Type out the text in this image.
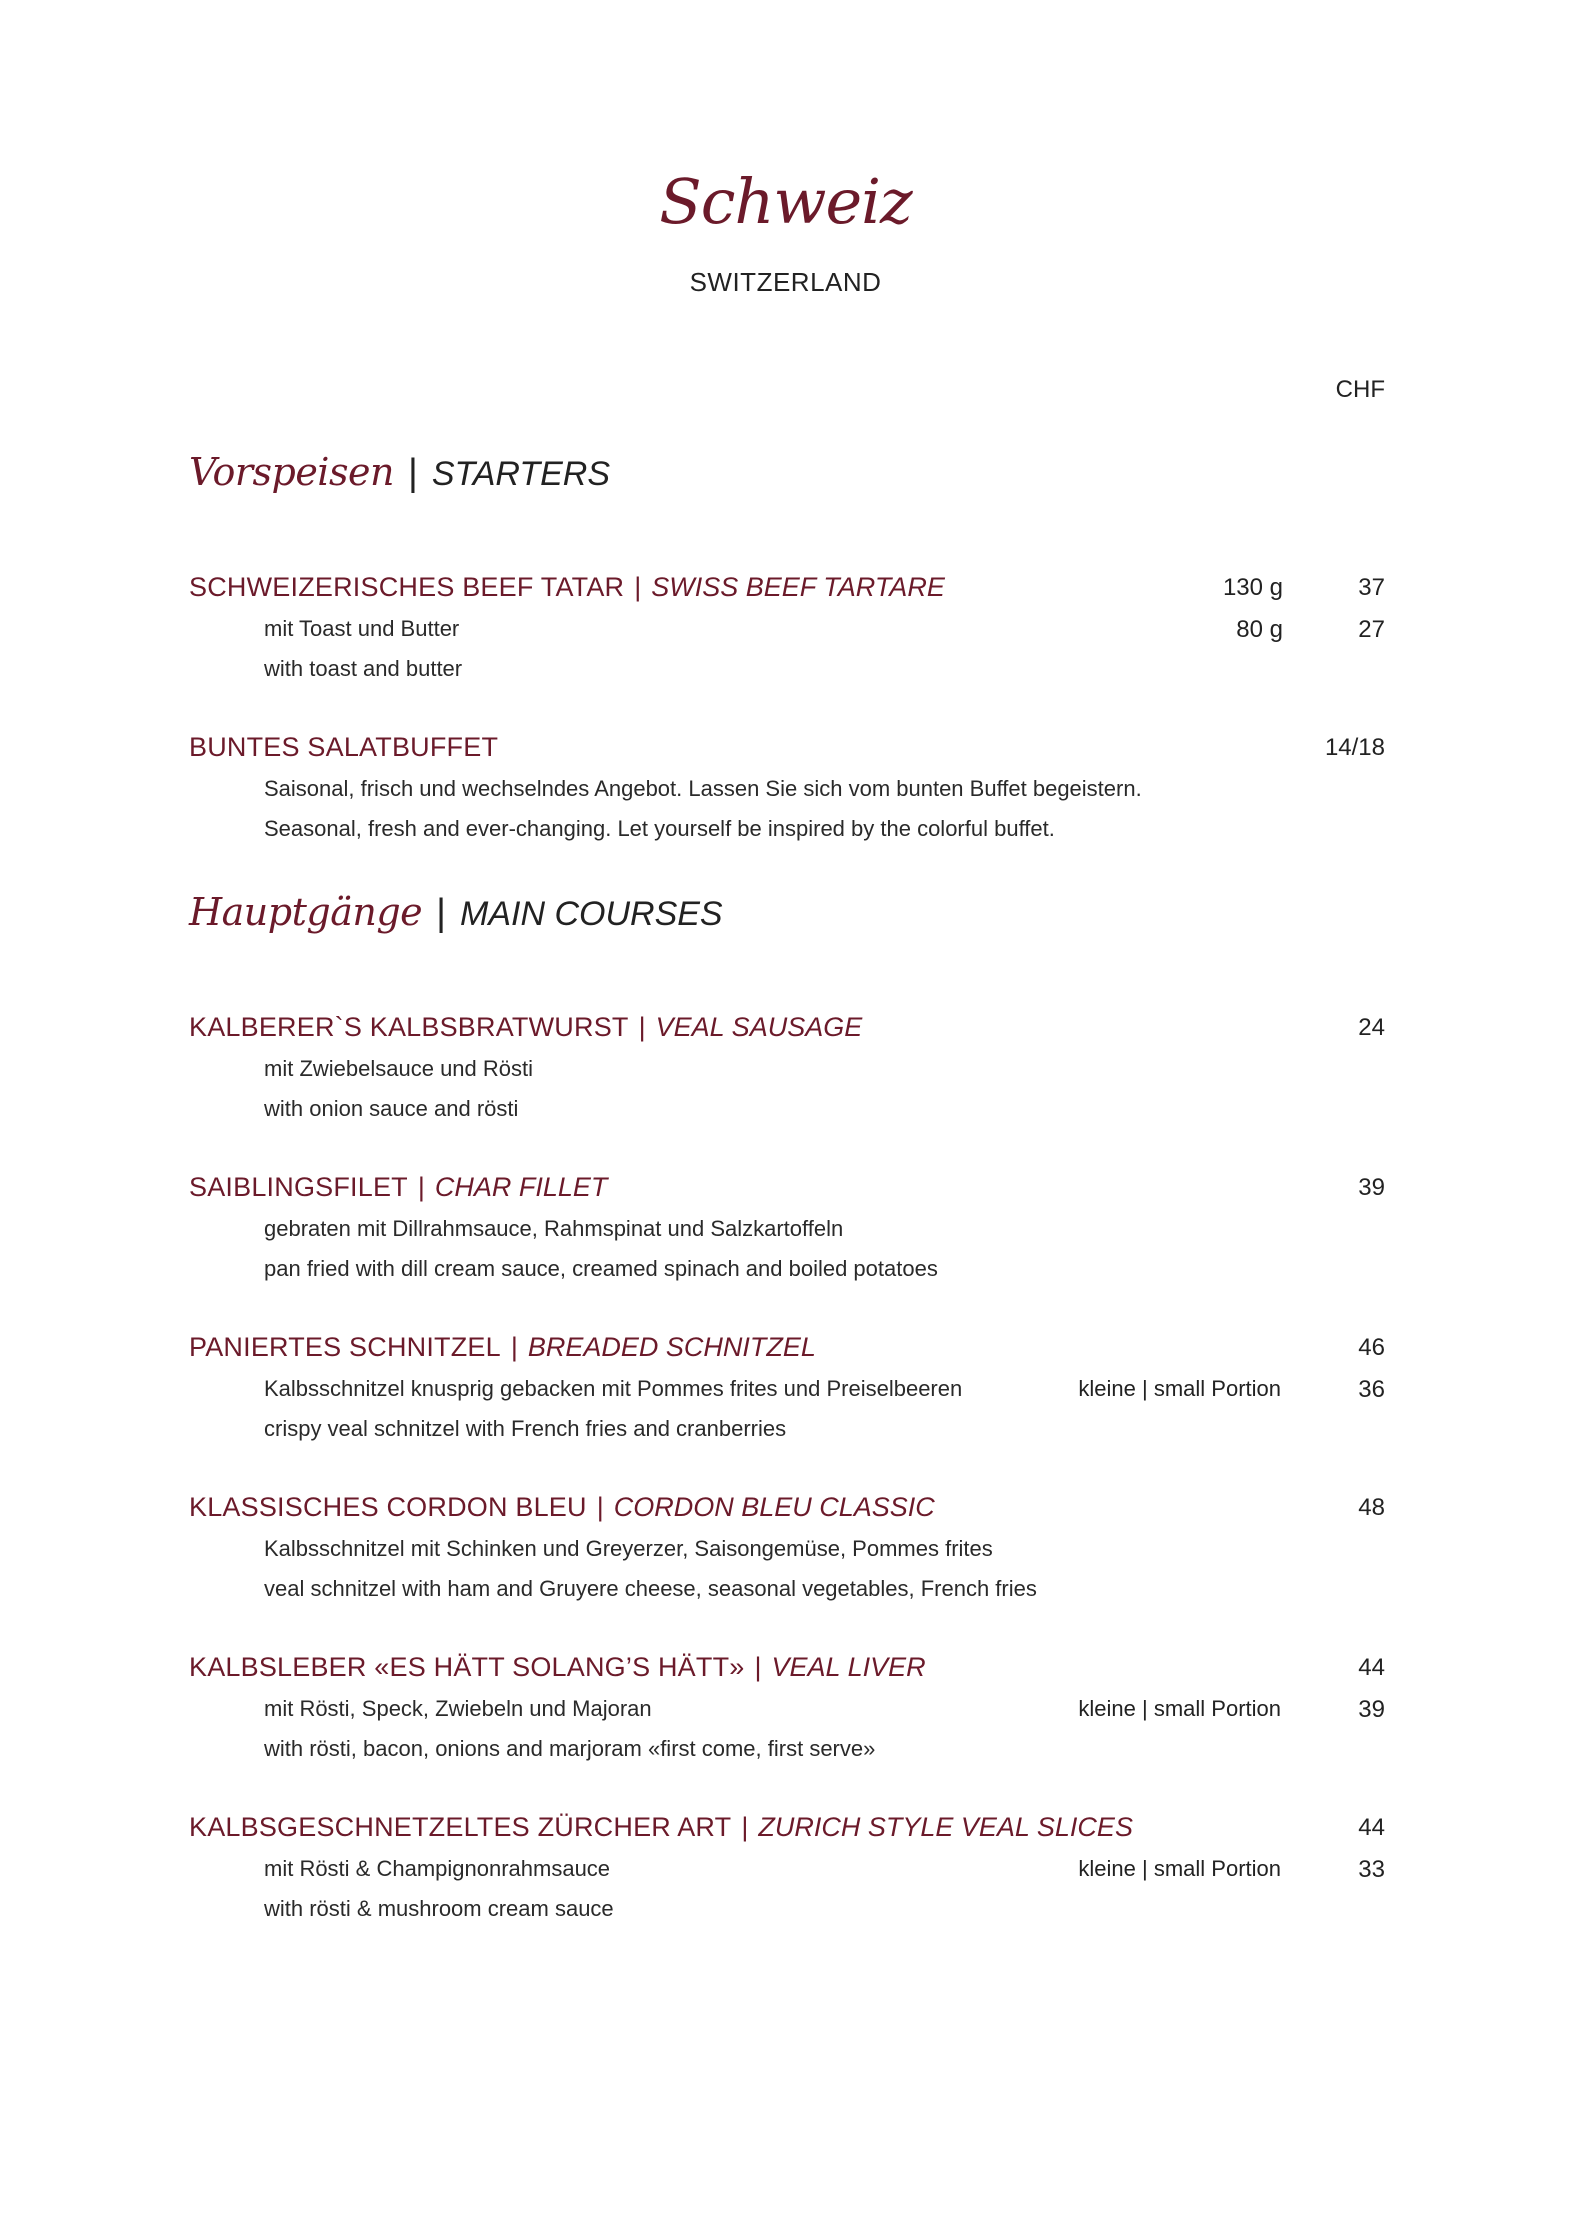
Schweiz
SWITZERLAND
CHF
Vorspeisen | STARTERS
SCHWEIZERISCHES BEEF TATAR | SWISS BEEF TARTARE	130 g	37
mit Toast und Butter	80 g	27
with toast and butter
BUNTES SALATBUFFET	14/18
Saisonal, frisch und wechselndes Angebot. Lassen Sie sich vom bunten Buffet begeistern.
Seasonal, fresh and ever-changing. Let yourself be inspired by the colorful buffet.
Hauptgänge | MAIN COURSES
KALBERER`S KALBSBRATWURST | VEAL SAUSAGE	24
mit Zwiebelsauce und Rösti
with onion sauce and rösti
SAIBLINGSFILET | CHAR FILLET	39
gebraten mit Dillrahmsauce, Rahmspinat und Salzkartoffeln
pan fried with dill cream sauce, creamed spinach and boiled potatoes
PANIERTES SCHNITZEL | BREADED SCHNITZEL	46
Kalbsschnitzel knusprig gebacken mit Pommes frites und Preiselbeeren	kleine | small Portion	36
crispy veal schnitzel with French fries and cranberries
KLASSISCHES CORDON BLEU | CORDON BLEU CLASSIC	48
Kalbsschnitzel mit Schinken und Greyerzer, Saisongemüse, Pommes frites
veal schnitzel with ham and Gruyere cheese, seasonal vegetables, French fries
KALBSLEBER «ES HÄTT SOLANG’S HÄTT» | VEAL LIVER	44
mit Rösti, Speck, Zwiebeln und Majoran	kleine | small Portion	39
with rösti, bacon, onions and marjoram «first come, first serve»
KALBSGESCHNETZELTES ZÜRCHER ART | ZURICH STYLE VEAL SLICES	44
mit Rösti & Champignonrahmsauce	kleine | small Portion	33
with rösti & mushroom cream sauce
